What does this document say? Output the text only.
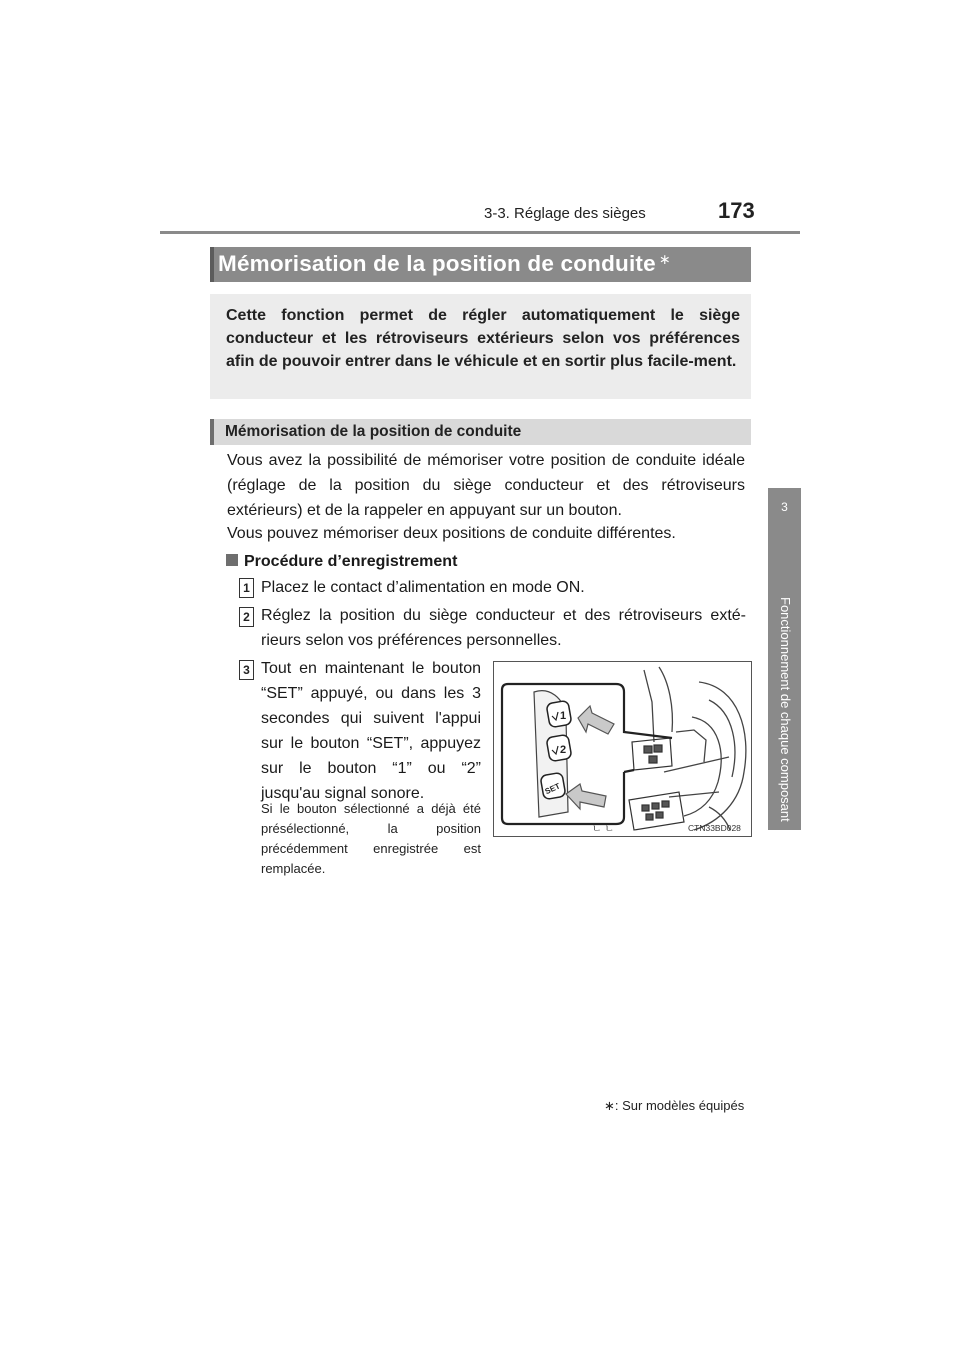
3-3. Réglage des sièges	173
3
Fonctionnement de chaque composant
Mémorisation de la position de conduite ∗
Cette fonction permet de régler automatiquement le siège conducteur et les rétroviseurs extérieurs selon vos préférences afin de pouvoir entrer dans le véhicule et en sortir plus facile-ment.
Mémorisation de la position de conduite
Vous avez la possibilité de mémoriser votre position de conduite idéale (réglage de la position du siège conducteur et des rétroviseurs extérieurs) et de la rappeler en appuyant sur un bouton.
Vous pouvez mémoriser deux positions de conduite différentes.
Procédure d’enregistrement
1 Placez le contact d’alimentation en mode ON.
2 Réglez la position du siège conducteur et des rétroviseurs exté-rieurs selon vos préférences personnelles.
3 Tout en maintenant le bouton “SET” appuyé, ou dans les 3 secondes qui suivent l'appui sur le bouton “SET”, appuyez sur le bouton “1” ou “2” jusqu'au signal sonore.
Si le bouton sélectionné a déjà été présélectionné, la position précédemment enregistrée est remplacée.
1
2
SET
CTN33BD028
ㄴ ㄴ
∗: Sur modèles équipés
